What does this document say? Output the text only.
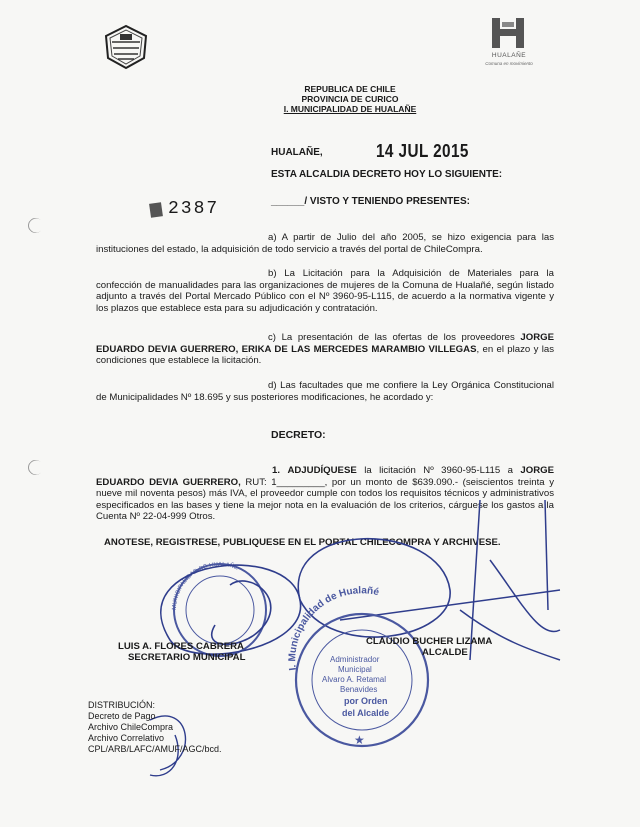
HUALAÑE
Comuna en movimiento
REPUBLICA DE CHILE
PROVINCIA DE CURICO
I. MUNICIPALIDAD DE HUALAÑE
HUALAÑE,	14 JUL 2015
ESTA ALCALDIA DECRETO HOY LO SIGUIENTE:
2387	______/ VISTO Y TENIENDO PRESENTES:
a) A partir de Julio del año 2005, se hizo exigencia para las instituciones del estado, la adquisición de todo servicio a través del portal de ChileCompra.
b) La Licitación para la Adquisición de Materiales para la confección de manualidades para las organizaciones de mujeres de la Comuna de Hualañé, según listado adjunto a través del Portal Mercado Público con el Nº 3960-95-L115, de acuerdo a la normativa vigente y los plazos que establece esta para su adjudicación y contratación.
c) La presentación de las ofertas de los proveedores JORGE EDUARDO DEVIA GUERRERO, ERIKA DE LAS MERCEDES MARAMBIO VILLEGAS, en el plazo y las condiciones que establece la licitación.
d) Las facultades que me confiere la Ley Orgánica Constitucional de Municipalidades Nº 18.695 y sus posteriores modificaciones, he acordado y:
DECRETO:
1. ADJUDÍQUESE la licitación Nº 3960-95-L115 a JORGE EDUARDO DEVIA GUERRERO, RUT: 1_________, por un monto de $639.090.- (seiscientos treinta y nueve mil noventa pesos) más IVA, el proveedor cumple con todos los requisitos técnicos y administrativos especificados en las bases y tiene la mejor nota en la evaluación de los criterios, cárguese los gastos a la Cuenta Nº 22-04-999 Otros.
ANOTESE, REGISTRESE, PUBLIQUESE EN EL PORTAL CHILECOMPRA Y ARCHIVESE.
MUNICIPALIDAD DE HUALAÑE
I. Municipalidad de Hualañé
Administrador
Municipal
Alvaro A. Retamal
Benavides
por Orden
del Alcalde
★
LUIS A. FLORES CABRERA
SECRETARIO MUNICIPAL
CLAUDIO BUCHER LIZAMA
ALCALDE
DISTRIBUCIÓN:
Decreto de Pago
Archivo ChileCompra
Archivo Correlativo
CPL/ARB/LAFC/AMUF/AGC/bcd.
